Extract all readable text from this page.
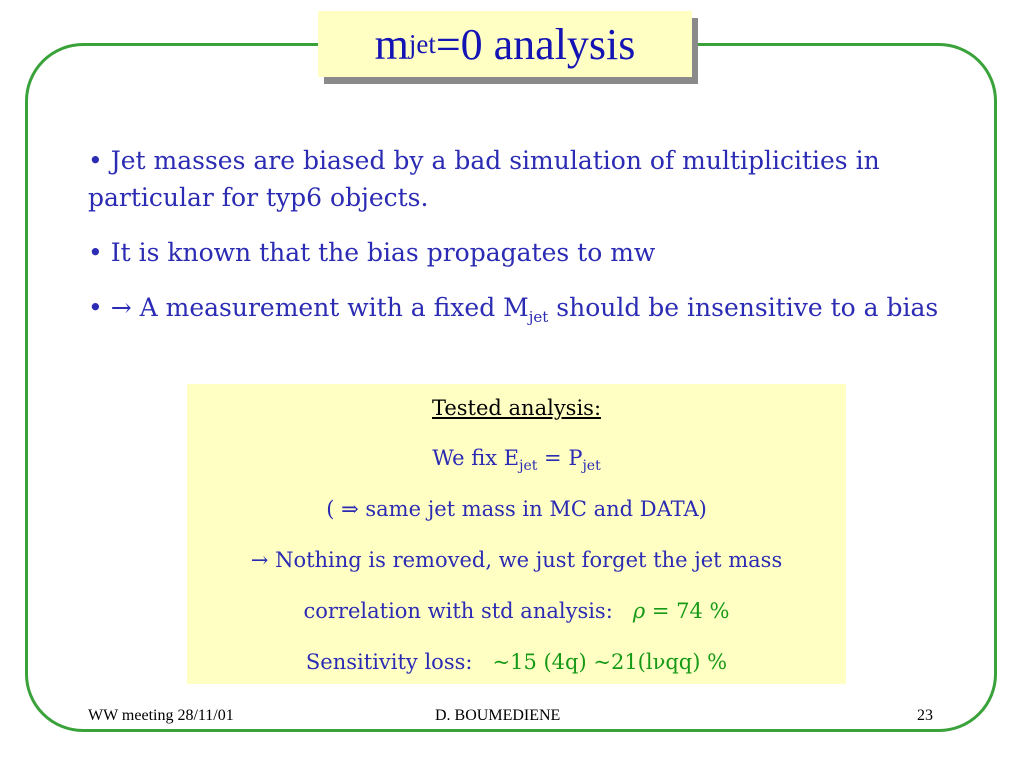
m jet =0 analysis

• Jet masses are biased by a bad simulation of multiplicities in particular for typ6 objects.

• It is known that the bias propagates to mw

• → A measurement with a fixed $M_{jet}$ should be insensitive to a bias

Tested analysis:
We fix $E_{jet} = P_{jet}$
( ⇒ same jet mass in MC and DATA)
→ Nothing is removed, we just forget the jet mass
correlation with std analysis: ρ = 74 %
Sensitivity loss: ~15 (4q) ~21(lνqq) %
WW meeting 28/11/01	D. BOUMEDIENE	23
